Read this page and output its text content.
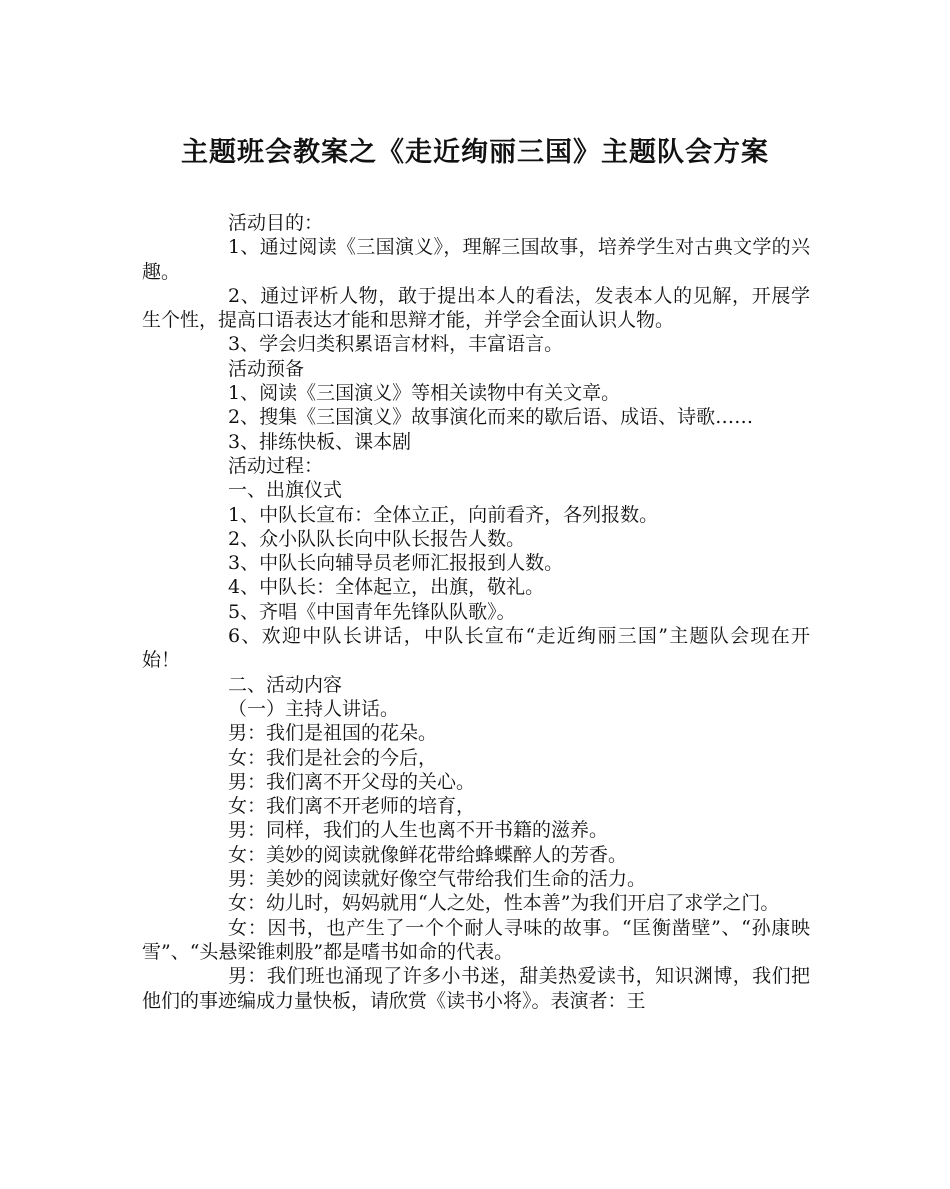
主题班会教案之《走近绚丽三国》主题队会方案

活动目的：

1、通过阅读《三国演义》，理解三国故事，培养学生对古典文学的兴趣。

2、通过评析人物，敢于提出本人的看法，发表本人的见解，开展学生个性，提高口语表达才能和思辩才能，并学会全面认识人物。

3、学会归类积累语言材料，丰富语言。

活动预备

1、阅读《三国演义》等相关读物中有关文章。

2、搜集《三国演义》故事演化而来的歇后语、成语、诗歌……

3、排练快板、课本剧

活动过程：

一、出旗仪式

1、中队长宣布：全体立正，向前看齐，各列报数。

2、众小队队长向中队长报告人数。

3、中队长向辅导员老师汇报报到人数。

4、中队长：全体起立，出旗，敬礼。

5、齐唱《中国青年先锋队队歌》。

6、欢迎中队长讲话，中队长宣布“走近绚丽三国”主题队会现在开始！

二、活动内容

（一）主持人讲话。

男：我们是祖国的花朵。

女：我们是社会的今后，

男：我们离不开父母的关心。

女：我们离不开老师的培育，

男：同样，我们的人生也离不开书籍的滋养。

女：美妙的阅读就像鲜花带给蜂蝶醉人的芳香。

男：美妙的阅读就好像空气带给我们生命的活力。

女：幼儿时，妈妈就用“人之处，性本善”为我们开启了求学之门。

女：因书，也产生了一个个耐人寻味的故事。“匡衡凿壁”、“孙康映雪”、“头悬梁锥刺股”都是嗜书如命的代表。

男：我们班也涌现了许多小书迷，甜美热爱读书，知识渊博，我们把他们的事迹编成力量快板，请欣赏《读书小将》。表演者：王
